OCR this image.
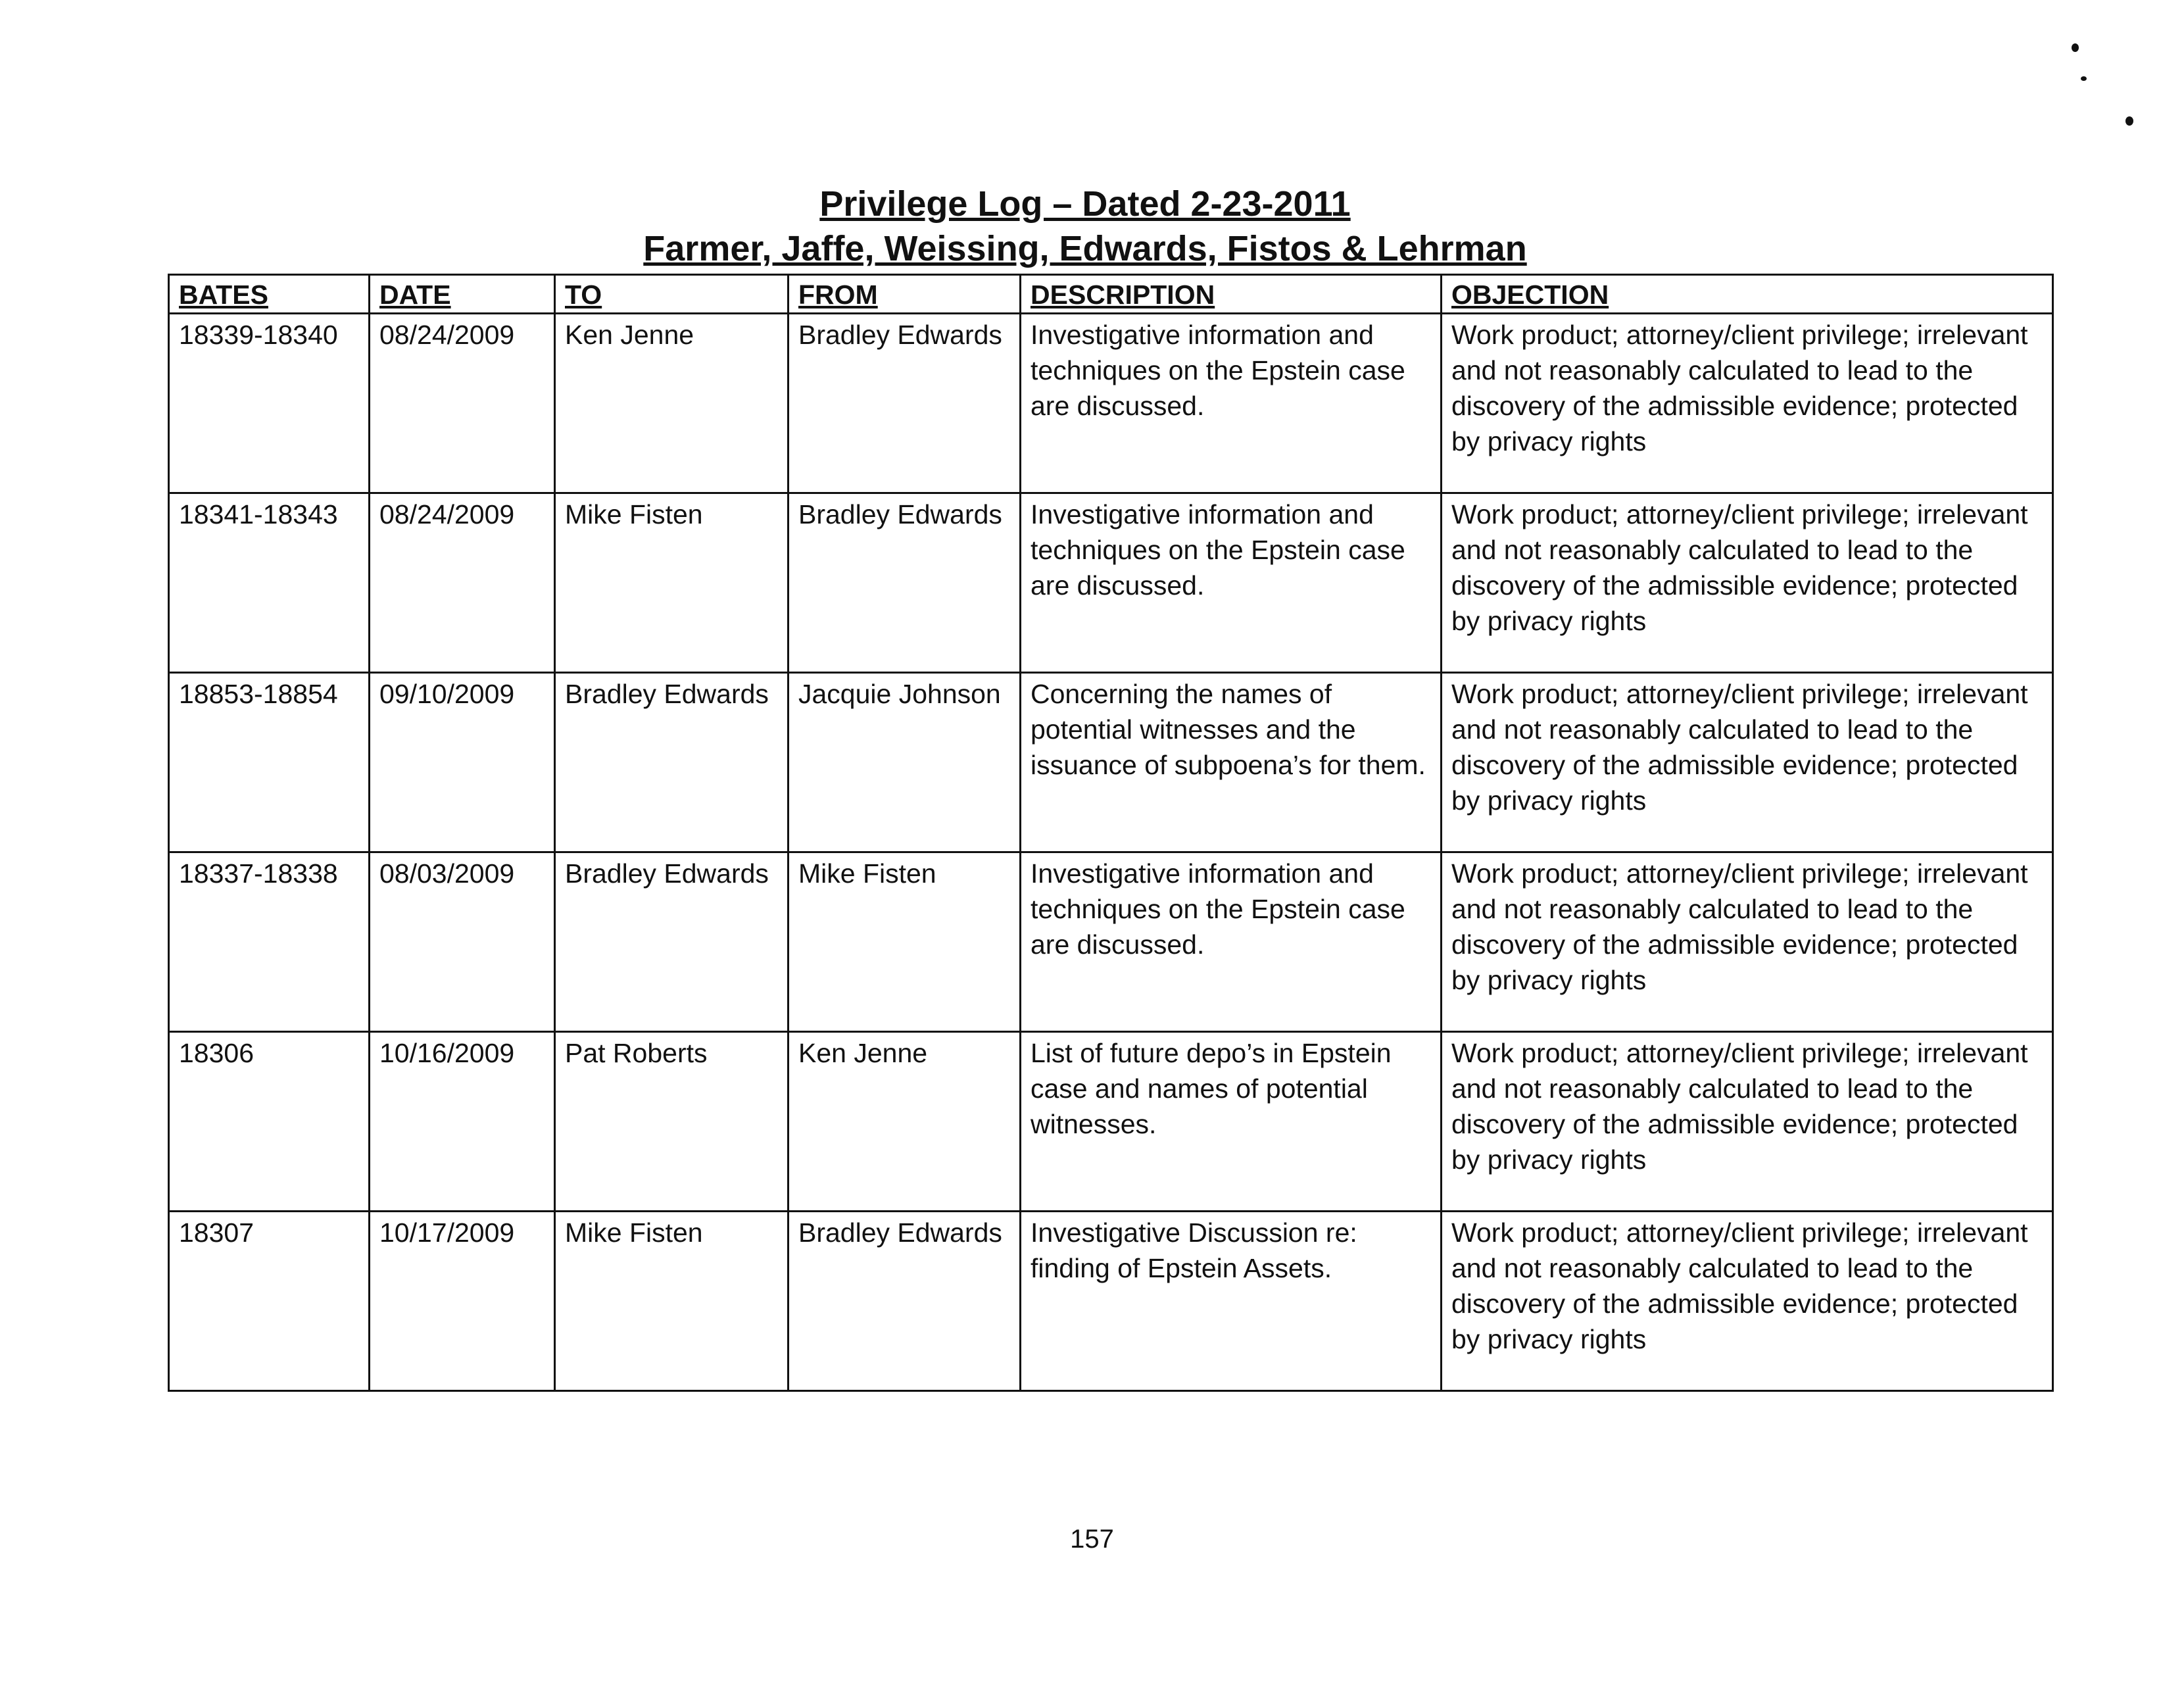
Privilege Log – Dated 2-23-2011
Farmer, Jaffe, Weissing, Edwards, Fistos & Lehrman
BATES	DATE	TO	FROM	DESCRIPTION	OBJECTION
18339-18340	08/24/2009	Ken Jenne	Bradley Edwards	Investigative information and techniques on the Epstein case are discussed.	Work product; attorney/client privilege; irrelevant and not reasonably calculated to lead to the discovery of the admissible evidence; protected by privacy rights
18341-18343	08/24/2009	Mike Fisten	Bradley Edwards	Investigative information and techniques on the Epstein case are discussed.	Work product; attorney/client privilege; irrelevant and not reasonably calculated to lead to the discovery of the admissible evidence; protected by privacy rights
18853-18854	09/10/2009	Bradley Edwards	Jacquie Johnson	Concerning the names of potential witnesses and the issuance of subpoena’s for them.	Work product; attorney/client privilege; irrelevant and not reasonably calculated to lead to the discovery of the admissible evidence; protected by privacy rights
18337-18338	08/03/2009	Bradley Edwards	Mike Fisten	Investigative information and techniques on the Epstein case are discussed.	Work product; attorney/client privilege; irrelevant and not reasonably calculated to lead to the discovery of the admissible evidence; protected by privacy rights
18306	10/16/2009	Pat Roberts	Ken Jenne	List of future depo’s in Epstein case and names of potential witnesses.	Work product; attorney/client privilege; irrelevant and not reasonably calculated to lead to the discovery of the admissible evidence; protected by privacy rights
18307	10/17/2009	Mike Fisten	Bradley Edwards	Investigative Discussion re: finding of Epstein Assets.	Work product; attorney/client privilege; irrelevant and not reasonably calculated to lead to the discovery of the admissible evidence; protected by privacy rights
157
